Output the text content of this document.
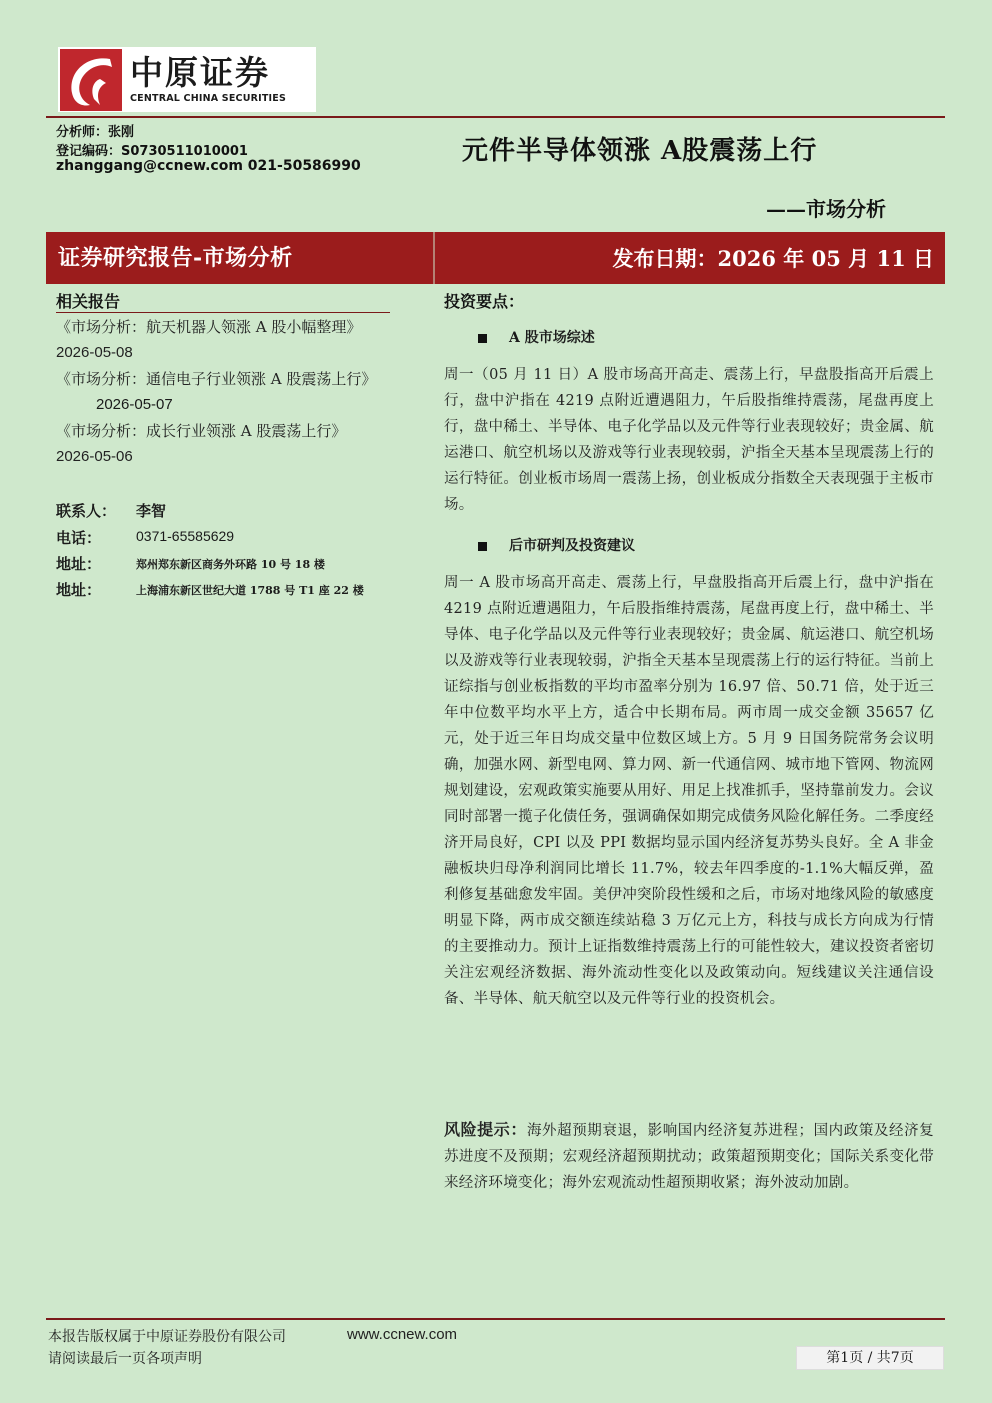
中原证券
CENTRAL CHINA SECURITIES
分析师：张刚
登记编码：S0730511010001
zhanggang@ccnew.com 021-50586990	元件半导体领涨 A股震荡上行
——市场分析
证券研究报告-市场分析	发布日期：2026 年 05 月 11 日
相关报告
《市场分析：航天机器人领涨 A 股小幅整理》
2026-05-08
《市场分析：通信电子行业领涨 A 股震荡上行》
2026-05-07
《市场分析：成长行业领涨 A 股震荡上行》
2026-05-06
联系人： 李智
电话： 0371-65585629
地址：	郑州郑东新区商务外环路 10 号 18 楼
地址：	上海浦东新区世纪大道 1788 号 T1 座 22 楼
投资要点：
A 股市场综述

周一（05 月 11 日）A 股市场高开高走、震荡上行，早盘股指高开后震上行，盘中沪指在 4219 点附近遭遇阻力，午后股指维持震荡，尾盘再度上行，盘中稀土、半导体、电子化学品以及元件等行业表现较好；贵金属、航运港口、航空机场以及游戏等行业表现较弱，沪指全天基本呈现震荡上行的运行特征。创业板市场周一震荡上扬，创业板成分指数全天表现强于主板市场。

后市研判及投资建议

周一 A 股市场高开高走、震荡上行，早盘股指高开后震上行，盘中沪指在 4219 点附近遭遇阻力，午后股指维持震荡，尾盘再度上行，盘中稀土、半导体、电子化学品以及元件等行业表现较好；贵金属、航运港口、航空机场以及游戏等行业表现较弱，沪指全天基本呈现震荡上行的运行特征。当前上证综指与创业板指数的平均市盈率分别为 16.97 倍、50.71 倍，处于近三年中位数平均水平上方，适合中长期布局。两市周一成交金额 35657 亿元，处于近三年日均成交量中位数区域上方。5 月 9 日国务院常务会议明确，加强水网、新型电网、算力网、新一代通信网、城市地下管网、物流网规划建设，宏观政策实施要从用好、用足上找准抓手，坚持靠前发力。会议同时部署一揽子化债任务，强调确保如期完成债务风险化解任务。二季度经济开局良好，CPI 以及 PPI 数据均显示国内经济复苏势头良好。全 A 非金融板块归母净利润同比增长 11.7%，较去年四季度的-1.1%大幅反弹，盈利修复基础愈发牢固。美伊冲突阶段性缓和之后，市场对地缘风险的敏感度明显下降，两市成交额连续站稳 3 万亿元上方，科技与成长方向成为行情的主要推动力。预计上证指数维持震荡上行的可能性较大，建议投资者密切关注宏观经济数据、海外流动性变化以及政策动向。短线建议关注通信设备、半导体、航天航空以及元件等行业的投资机会。

风险提示：海外超预期衰退，影响国内经济复苏进程；国内政策及经济复苏进度不及预期；宏观经济超预期扰动；政策超预期变化；国际关系变化带来经济环境变化；海外宏观流动性超预期收紧；海外波动加剧。

本报告版权属于中原证券股份有限公司	www.ccnew.com
请阅读最后一页各项声明	第1页 / 共7页
